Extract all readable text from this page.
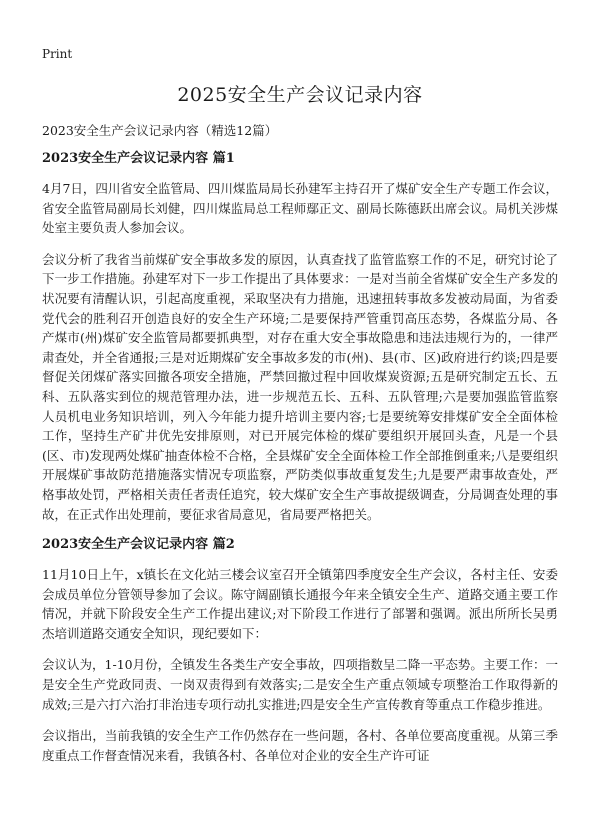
Print
2025安全生产会议记录内容

2023安全生产会议记录内容（精选12篇）

2023安全生产会议记录内容 篇1

4月7日，四川省安全监管局、四川煤监局局长孙建军主持召开了煤矿安全生产专题工作会议，省安全监管局副局长刘健，四川煤监局总工程师鄢正文、副局长陈德跃出席会议。局机关涉煤处室主要负责人参加会议。

会议分析了我省当前煤矿安全事故多发的原因，认真查找了监管监察工作的不足，研究讨论了下一步工作措施。孙建军对下一步工作提出了具体要求：一是对当前全省煤矿安全生产多发的状况要有清醒认识，引起高度重视，采取坚决有力措施，迅速扭转事故多发被动局面，为省委党代会的胜利召开创造良好的安全生产环境;二是要保持严管重罚高压态势，各煤监分局、各产煤市(州)煤矿安全监管局都要抓典型，对存在重大安全事故隐患和违法违规行为的，一律严肃查处，并全省通报;三是对近期煤矿安全事故多发的市(州)、县(市、区)政府进行约谈;四是要督促关闭煤矿落实回撤各项安全措施，严禁回撤过程中回收煤炭资源;五是研究制定五长、五科、五队落实到位的规范管理办法，进一步规范五长、五科、五队管理;六是要加强监管监察人员机电业务知识培训，列入今年能力提升培训主要内容;七是要统筹安排煤矿安全全面体检工作，坚持生产矿井优先安排原则，对已开展完体检的煤矿要组织开展回头查，凡是一个县(区、市)发现两处煤矿抽查体检不合格，全县煤矿安全全面体检工作全部推倒重来;八是要组织开展煤矿事故防范措施落实情况专项监察，严防类似事故重复发生;九是要严肃事故查处，严格事故处罚，严格相关责任者责任追究，较大煤矿安全生产事故提级调查，分局调查处理的事故，在正式作出处理前，要征求省局意见，省局要严格把关。

2023安全生产会议记录内容 篇2

11月10日上午，x镇长在文化站三楼会议室召开全镇第四季度安全生产会议，各村主任、安委会成员单位分管领导参加了会议。陈守阔副镇长通报今年来全镇安全生产、道路交通主要工作情况，并就下阶段安全生产工作提出建议;对下阶段工作进行了部署和强调。派出所所长吴勇杰培训道路交通安全知识，现纪要如下：

会议认为，1-10月份，全镇发生各类生产安全事故，四项指数呈二降一平态势。主要工作：一是安全生产党政同责、一岗双责得到有效落实;二是安全生产重点领域专项整治工作取得新的成效;三是六打六治打非治违专项行动扎实推进;四是安全生产宣传教育等重点工作稳步推进。

会议指出，当前我镇的安全生产工作仍然存在一些问题，各村、各单位要高度重视。从第三季度重点工作督查情况来看，我镇各村、各单位对企业的安全生产许可证
